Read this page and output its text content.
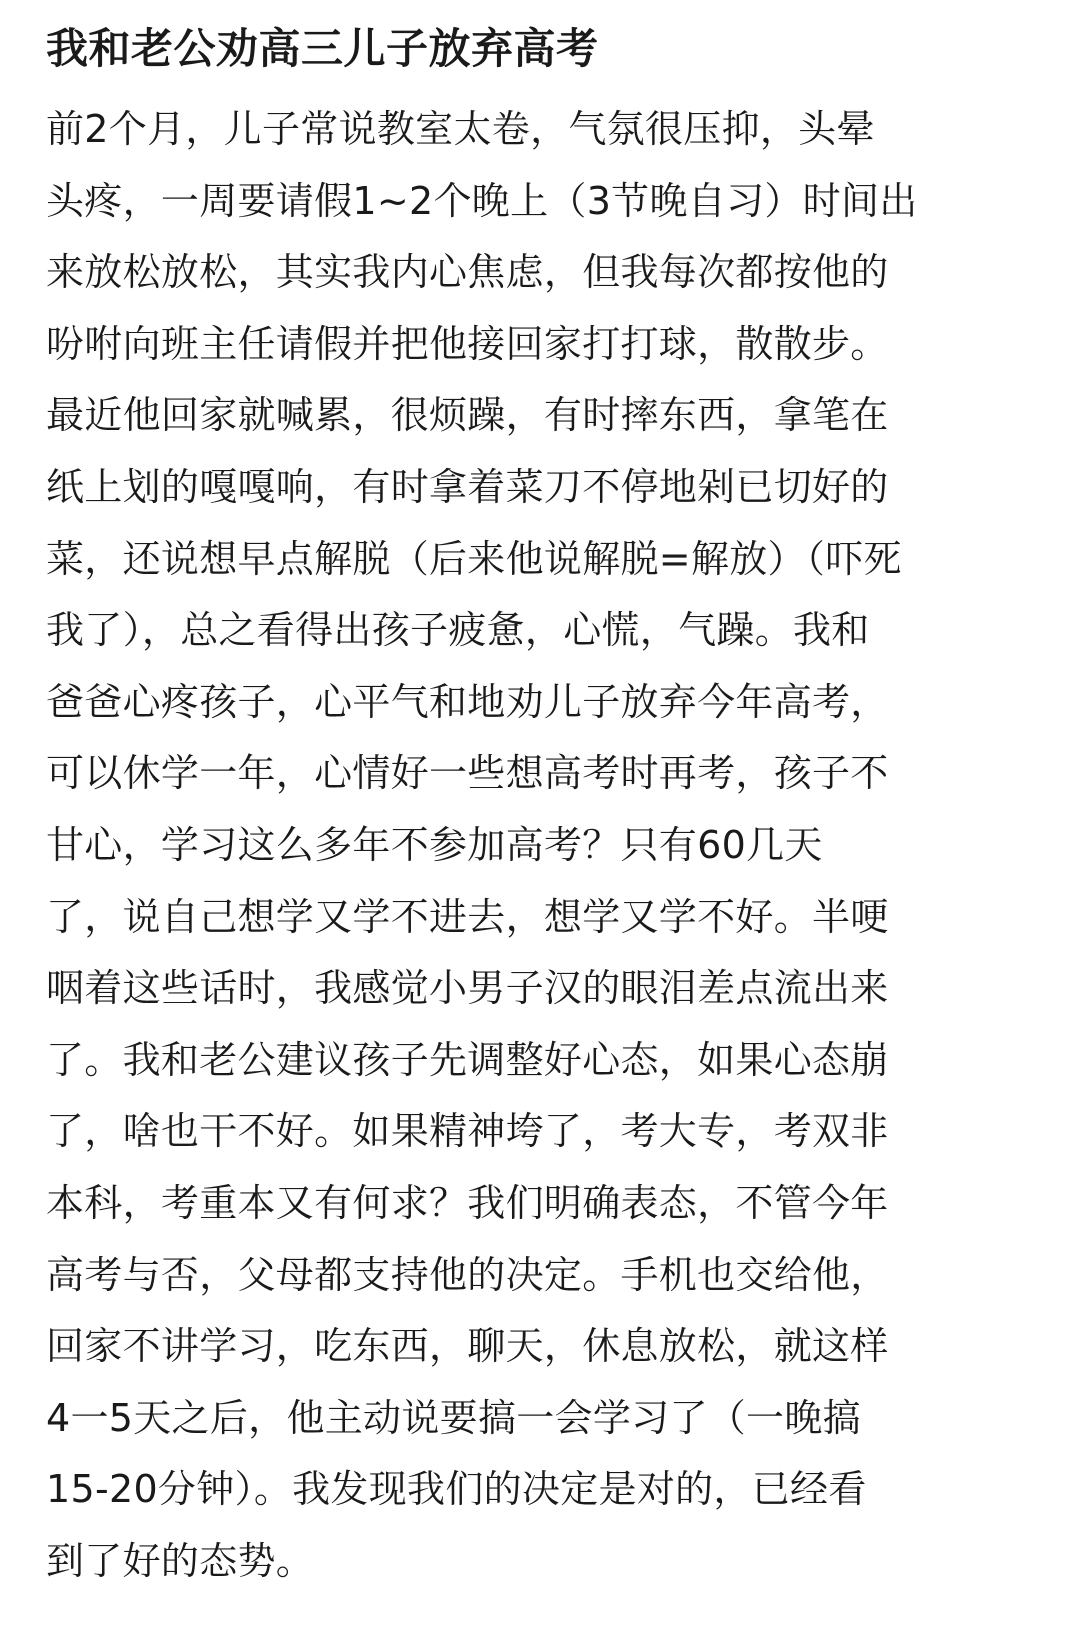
我和老公劝高三儿子放弃高考
前2个月，儿子常说教室太卷，气氛很压抑，头晕
头疼，一周要请假1~2个晚上（3节晚自习）时间出
来放松放松，其实我内心焦虑，但我每次都按他的
吩咐向班主任请假并把他接回家打打球，散散步。
最近他回家就喊累，很烦躁，有时摔东西，拿笔在
纸上划的嘎嘎响，有时拿着菜刀不停地剁已切好的
菜，还说想早点解脱（后来他说解脱=解放）（吓死
我了），总之看得出孩子疲惫，心慌，气躁。我和
爸爸心疼孩子，心平气和地劝儿子放弃今年高考，
可以休学一年，心情好一些想高考时再考，孩子不
甘心，学习这么多年不参加高考？只有60几天
了，说自己想学又学不进去，想学又学不好。半哽
咽着这些话时，我感觉小男子汉的眼泪差点流出来
了。我和老公建议孩子先调整好心态，如果心态崩
了，啥也干不好。如果精神垮了，考大专，考双非
本科，考重本又有何求？我们明确表态，不管今年
高考与否，父母都支持他的决定。手机也交给他，
回家不讲学习，吃东西，聊天，休息放松，就这样
4一5天之后，他主动说要搞一会学习了（一晚搞
15-20分钟）。我发现我们的决定是对的，已经看
到了好的态势。
